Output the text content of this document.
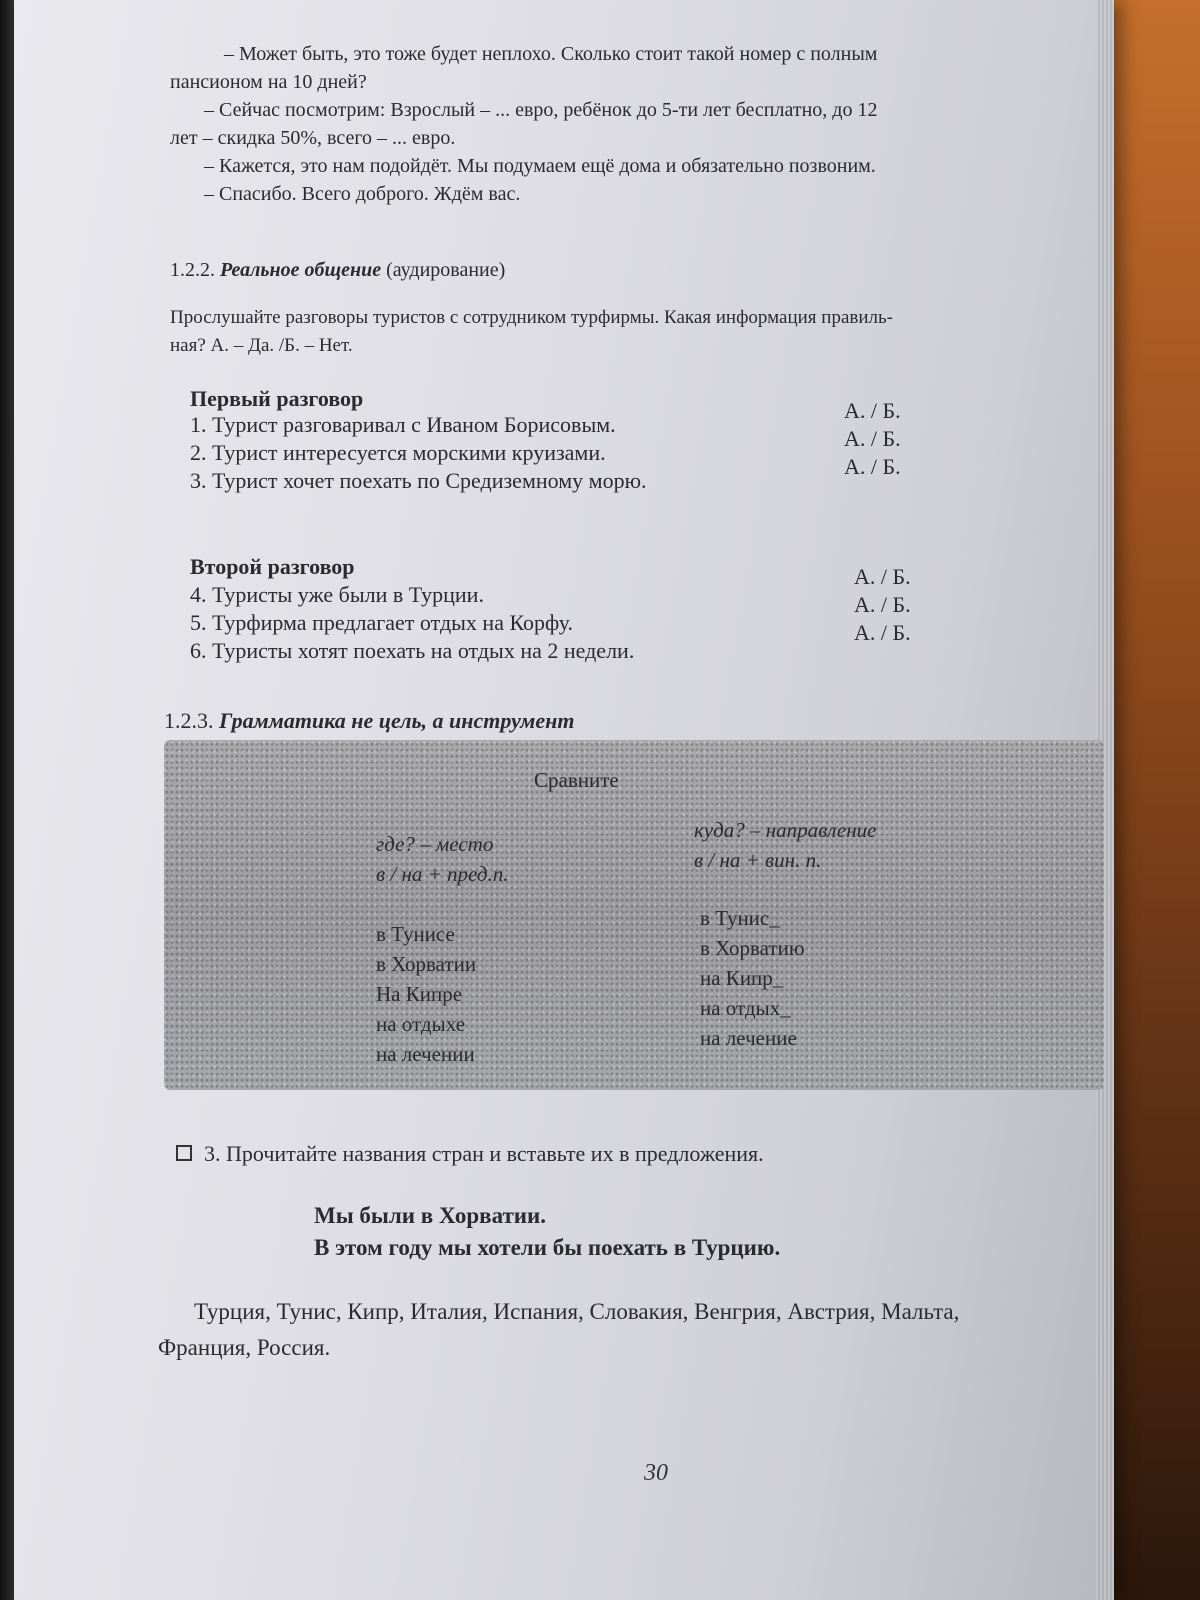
– Может быть, это тоже будет неплохо. Сколько стоит такой номер с полным
пансионом на 10 дней?
– Сейчас посмотрим: Взрослый – ... евро, ребёнок до 5-ти лет бесплатно, до 12
лет – скидка 50%, всего – ... евро.
– Кажется, это нам подойдёт. Мы подумаем ещё дома и обязательно позвоним.
– Спасибо. Всего доброго. Ждём вас.
1.2.2. Реальное общение (аудирование)
Прослушайте разговоры туристов с сотрудником турфирмы. Какая информация правиль-
ная? А. – Да. /Б. – Нет.
Первый разговор
1. Турист разговаривал с Иваном Борисовым.
2. Турист интересуется морскими круизами.
3. Турист хочет поехать по Средиземному морю.
А. / Б.
А. / Б.
А. / Б.
Второй разговор
4. Туристы уже были в Турции.
5. Турфирма предлагает отдых на Корфу.
6. Туристы хотят поехать на отдых на 2 недели.
А. / Б.
А. / Б.
А. / Б.
1.2.3. Грамматика не цель, а инструмент
Сравните
где? – место
в / на + пред.п.
куда? – направление
в / на + вин. п.
в Тунисе
в Хорватии
На Кипре
на отдыхе
на лечении
в Тунис_
в Хорватию
на Кипр_
на отдых_
на лечение
3. Прочитайте названия стран и вставьте их в предложения.
Мы были в Хорватии.
В этом году мы хотели бы поехать в Турцию.
Турция, Тунис, Кипр, Италия, Испания, Словакия, Венгрия, Австрия, Мальта,
Франция, Россия.
30
